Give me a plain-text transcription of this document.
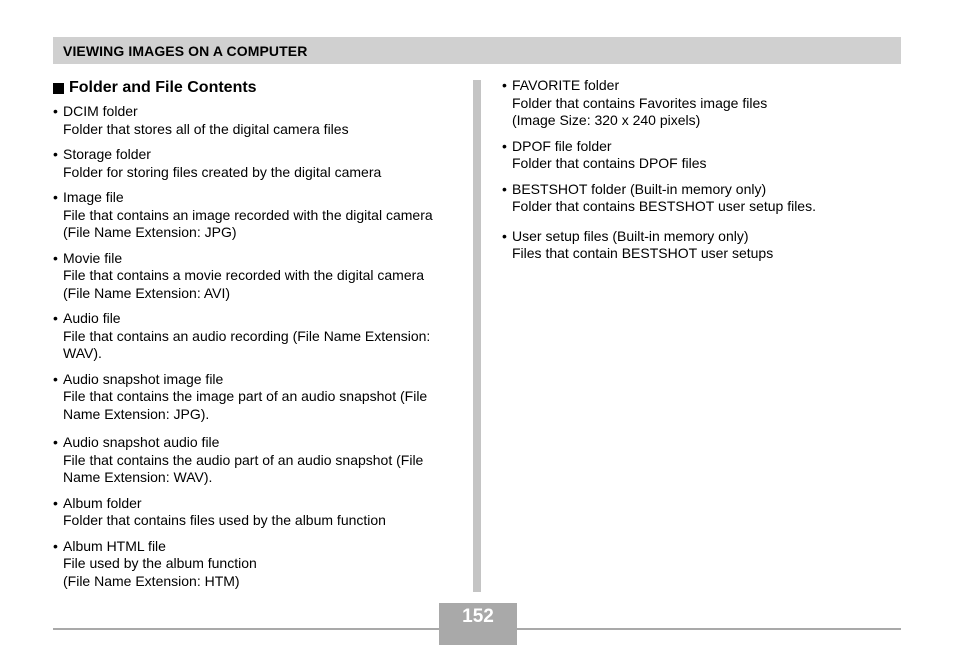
VIEWING IMAGES ON A COMPUTER
Folder and File Contents
• DCIM folder
Folder that stores all of the digital camera files
• Storage folder
Folder for storing files created by the digital camera
• Image file
File that contains an image recorded with the digital camera (File Name Extension: JPG)
• Movie file
File that contains a movie recorded with the digital camera (File Name Extension: AVI)
• Audio file
File that contains an audio recording (File Name Extension: WAV).
• Audio snapshot image file
File that contains the image part of an audio snapshot (File Name Extension: JPG).
• Audio snapshot audio file
File that contains the audio part of an audio snapshot (File Name Extension: WAV).
• Album folder
Folder that contains files used by the album function
• Album HTML file
File used by the album function
(File Name Extension: HTM)
• FAVORITE folder
Folder that contains Favorites image files
(Image Size: 320 x 240 pixels)
• DPOF file folder
Folder that contains DPOF files
• BESTSHOT folder (Built-in memory only)
Folder that contains BESTSHOT user setup files.
• User setup files (Built-in memory only)
Files that contain BESTSHOT user setups
152
